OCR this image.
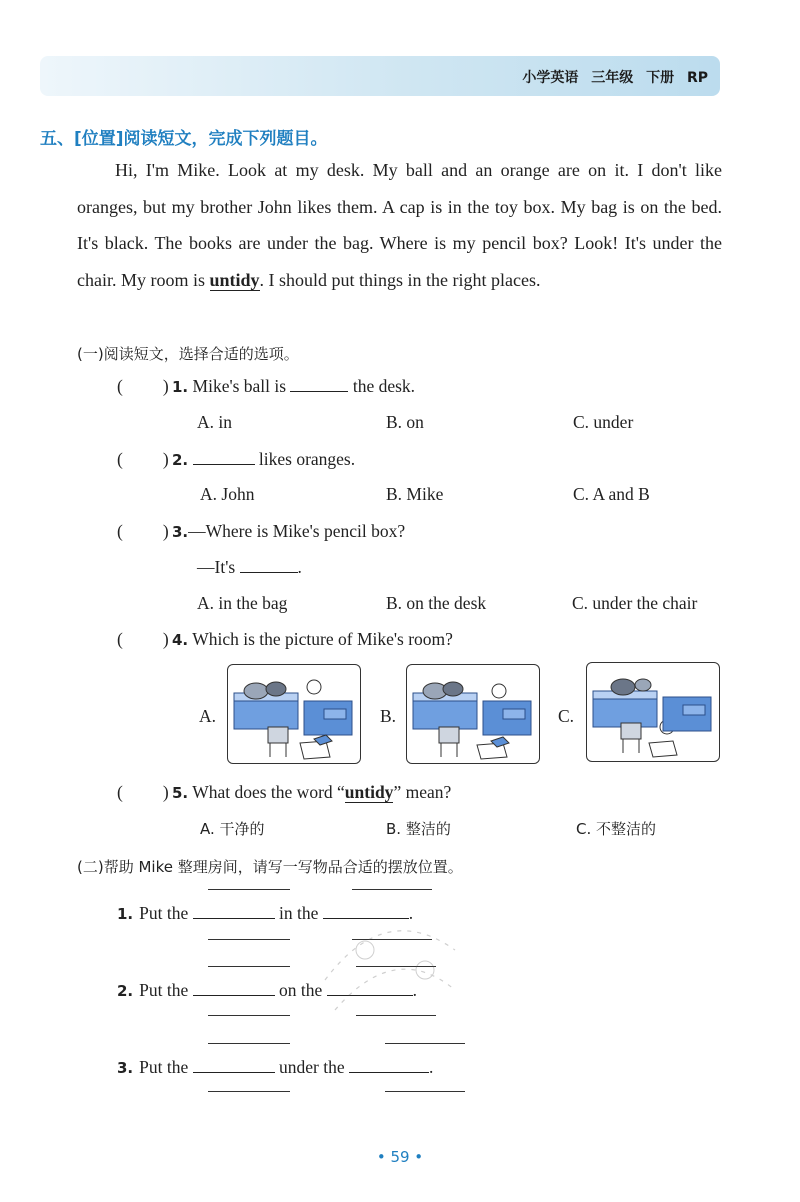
小学英语 三年级 下册 RP
五、[位置]阅读短文，完成下列题目。
Hi, I'm Mike. Look at my desk. My ball and an orange are on it. I don't like oranges, but my brother John likes them. A cap is in the toy box. My bag is on the bed. It's black. The books are under the bag. Where is my pencil box? Look! It's under the chair. My room is untidy. I should put things in the right places.
(一)阅读短文，选择合适的选项。
( ) 1. Mike's ball is	the desk.
A. in	B. on	C. under
( ) 2.	likes oranges.
A. John	B. Mike	C. A and B
( ) 3.—Where is Mike's pencil box?
—It's	.
A. in the bag	B. on the desk	C. under the chair
( ) 4. Which is the picture of Mike's room?
A.	B.	C.
( ) 5. What does the word “untidy” mean?
A. 干净的	B. 整洁的	C. 不整洁的
(二)帮助 Mike 整理房间，请写一写物品合适的摆放位置。
1. Put the	in the	.
2. Put the	on the	.
3. Put the	under the	.
• 59 •
